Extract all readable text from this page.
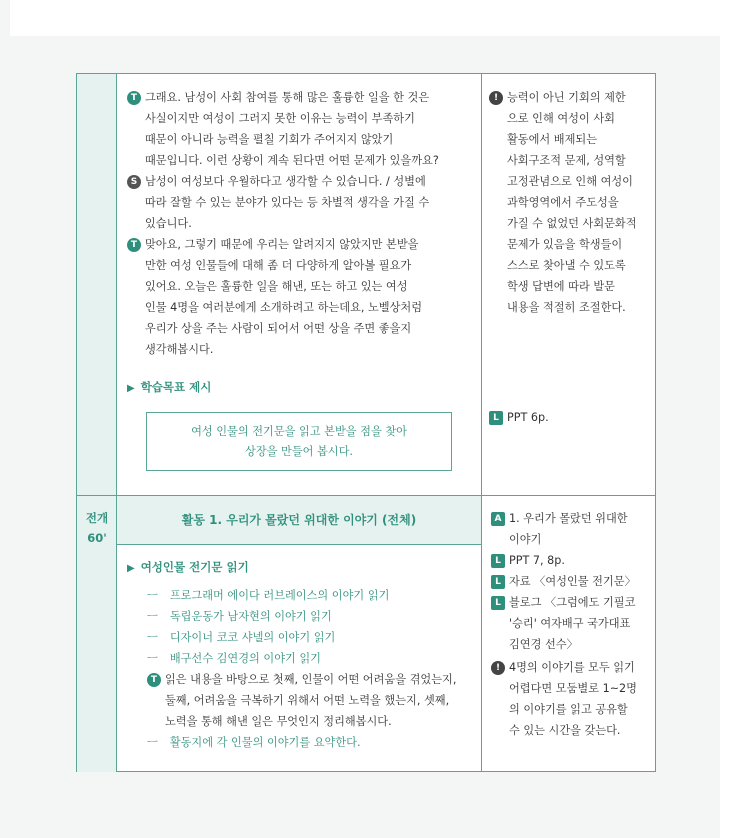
전개
60'
T 그래요. 남성이 사회 참여를 통해 많은 훌륭한 일을 한 것은
사실이지만 여성이 그러지 못한 이유는 능력이 부족하기
때문이 아니라 능력을 펼칠 기회가 주어지지 않았기
때문입니다. 이런 상황이 계속 된다면 어떤 문제가 있을까요?
S 남성이 여성보다 우월하다고 생각할 수 있습니다. / 성별에
따라 잘할 수 있는 분야가 있다는 등 차별적 생각을 가질 수
있습니다.
T 맞아요, 그렇기 때문에 우리는 알려지지 않았지만 본받을
만한 여성 인물들에 대해 좀 더 다양하게 알아볼 필요가
있어요. 오늘은 훌륭한 일을 해낸, 또는 하고 있는 여성
인물 4명을 여러분에게 소개하려고 하는데요, 노벨상처럼
우리가 상을 주는 사람이 되어서 어떤 상을 주면 좋을지
생각해봅시다.
▶ 학습목표 제시
여성 인물의 전기문을 읽고 본받을 점을 찾아
상장을 만들어 봅시다.
! 능력이 아닌 기회의 제한
으로 인해 여성이 사회
활동에서 배제되는
사회구조적 문제, 성역할
고정관념으로 인해 여성이
과학영역에서 주도성을
가질 수 없었던 사회문화적
문제가 있음을 학생들이
스스로 찾아낼 수 있도록
학생 답변에 따라 발문
내용을 적절히 조절한다.
L PPT 6p.
활동 1. 우리가 몰랐던 위대한 이야기 (전체)
▶ 여성인물 전기문 읽기
ㅡ 프로그래머 에이다 러브레이스의 이야기 읽기
ㅡ 독립운동가 남자현의 이야기 읽기
ㅡ 디자이너 코코 샤넬의 이야기 읽기
ㅡ 배구선수 김연경의 이야기 읽기
T 읽은 내용을 바탕으로 첫째, 인물이 어떤 어려움을 겪었는지,
둘째, 어려움을 극복하기 위해서 어떤 노력을 했는지, 셋째,
노력을 통해 해낸 일은 무엇인지 정리해봅시다.
ㅡ 활동지에 각 인물의 이야기를 요약한다.
A 1. 우리가 몰랐던 위대한
이야기
L PPT 7, 8p.
L 자료 〈여성인물 전기문〉
L 블로그 〈그럼에도 기필코
'승리' 여자배구 국가대표
김연경 선수〉
! 4명의 이야기를 모두 읽기
어렵다면 모둠별로 1~2명
의 이야기를 읽고 공유할
수 있는 시간을 갖는다.
